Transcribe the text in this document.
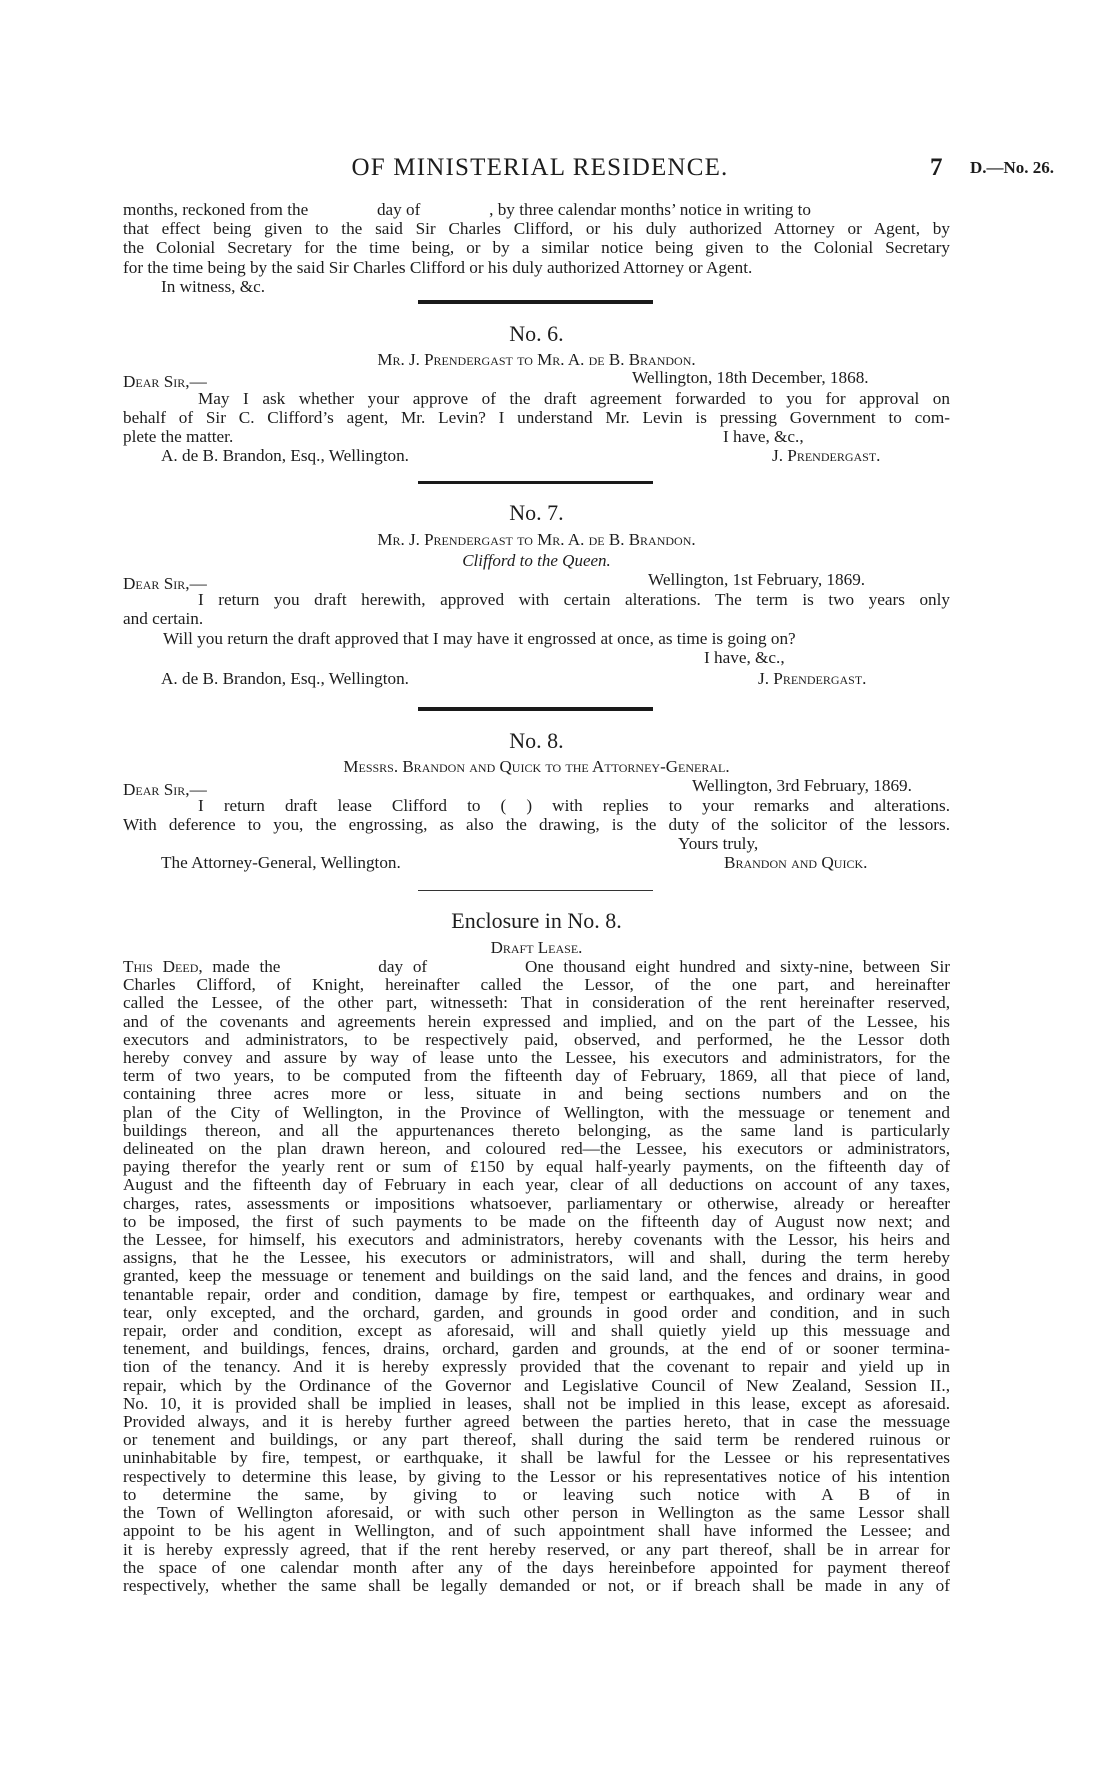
OF MINISTERIAL RESIDENCE.	7 D.—No. 26.
months, reckoned from the                day of                , by three calendar months’ notice in writing to
that effect being given to the said Sir Charles Clifford, or his duly authorized Attorney or Agent, by
the Colonial Secretary for the time being, or by a similar notice being given to the Colonial Secretary
for the time being by the said Sir Charles Clifford or his duly authorized Attorney or Agent.
In witness, &c.
No. 6.
Mr. J. Prendergast to Mr. A. de B. Brandon.
Dear Sir,—	Wellington, 18th December, 1868.
May I ask whether your approve of the draft agreement forwarded to you for approval on
behalf of Sir C. Clifford’s agent, Mr. Levin? I understand Mr. Levin is pressing Government to com-
plete the matter.	I have, &c.,
A. de B. Brandon, Esq., Wellington.	J. Prendergast.
No. 7.
Mr. J. Prendergast to Mr. A. de B. Brandon.
Clifford to the Queen.
Dear Sir,—	Wellington, 1st February, 1869.
I return you draft herewith, approved with certain alterations. The term is two years only
and certain.
Will you return the draft approved that I may have it engrossed at once, as time is going on?
I have, &c.,
A. de B. Brandon, Esq., Wellington.	J. Prendergast.
No. 8.
Messrs. Brandon and Quick to the Attorney-General.
Dear Sir,—	Wellington, 3rd February, 1869.
I return draft lease Clifford to ( ) with replies to your remarks and alterations.
With deference to you, the engrossing, as also the drawing, is the duty of the solicitor of the lessors.
Yours truly,
The Attorney-General, Wellington.	Brandon and Quick.
Enclosure in No. 8.
Draft Lease.
This Deed, made the          day of          One thousand eight hundred and sixty-nine, between Sir
Charles Clifford, of Knight, hereinafter called the Lessor, of the one part, and hereinafter
called the Lessee, of the other part, witnesseth: That in consideration of the rent hereinafter reserved,
and of the covenants and agreements herein expressed and implied, and on the part of the Lessee, his
executors and administrators, to be respectively paid, observed, and performed, he the Lessor doth
hereby convey and assure by way of lease unto the Lessee, his executors and administrators, for the
term of two years, to be computed from the fifteenth day of February, 1869, all that piece of land,
containing three acres more or less, situate in and being sections numbers and on the
plan of the City of Wellington, in the Province of Wellington, with the messuage or tenement and
buildings thereon, and all the appurtenances thereto belonging, as the same land is particularly
delineated on the plan drawn hereon, and coloured red—the Lessee, his executors or administrators,
paying therefor the yearly rent or sum of £150 by equal half-yearly payments, on the fifteenth day of
August and the fifteenth day of February in each year, clear of all deductions on account of any taxes,
charges, rates, assessments or impositions whatsoever, parliamentary or otherwise, already or hereafter
to be imposed, the first of such payments to be made on the fifteenth day of August now next; and
the Lessee, for himself, his executors and administrators, hereby covenants with the Lessor, his heirs and
assigns, that he the Lessee, his executors or administrators, will and shall, during the term hereby
granted, keep the messuage or tenement and buildings on the said land, and the fences and drains, in good
tenantable repair, order and condition, damage by fire, tempest or earthquakes, and ordinary wear and
tear, only excepted, and the orchard, garden, and grounds in good order and condition, and in such
repair, order and condition, except as aforesaid, will and shall quietly yield up this messuage and
tenement, and buildings, fences, drains, orchard, garden and grounds, at the end of or sooner termina-
tion of the tenancy. And it is hereby expressly provided that the covenant to repair and yield up in
repair, which by the Ordinance of the Governor and Legislative Council of New Zealand, Session II.,
No. 10, it is provided shall be implied in leases, shall not be implied in this lease, except as aforesaid.
Provided always, and it is hereby further agreed between the parties hereto, that in case the messuage
or tenement and buildings, or any part thereof, shall during the said term be rendered ruinous or
uninhabitable by fire, tempest, or earthquake, it shall be lawful for the Lessee or his representatives
respectively to determine this lease, by giving to the Lessor or his representatives notice of his intention
to determine the same, by giving to or leaving such notice with A B of in
the Town of Wellington aforesaid, or with such other person in Wellington as the same Lessor shall
appoint to be his agent in Wellington, and of such appointment shall have informed the Lessee; and
it is hereby expressly agreed, that if the rent hereby reserved, or any part thereof, shall be in arrear for
the space of one calendar month after any of the days hereinbefore appointed for payment thereof
respectively, whether the same shall be legally demanded or not, or if breach shall be made in any of
